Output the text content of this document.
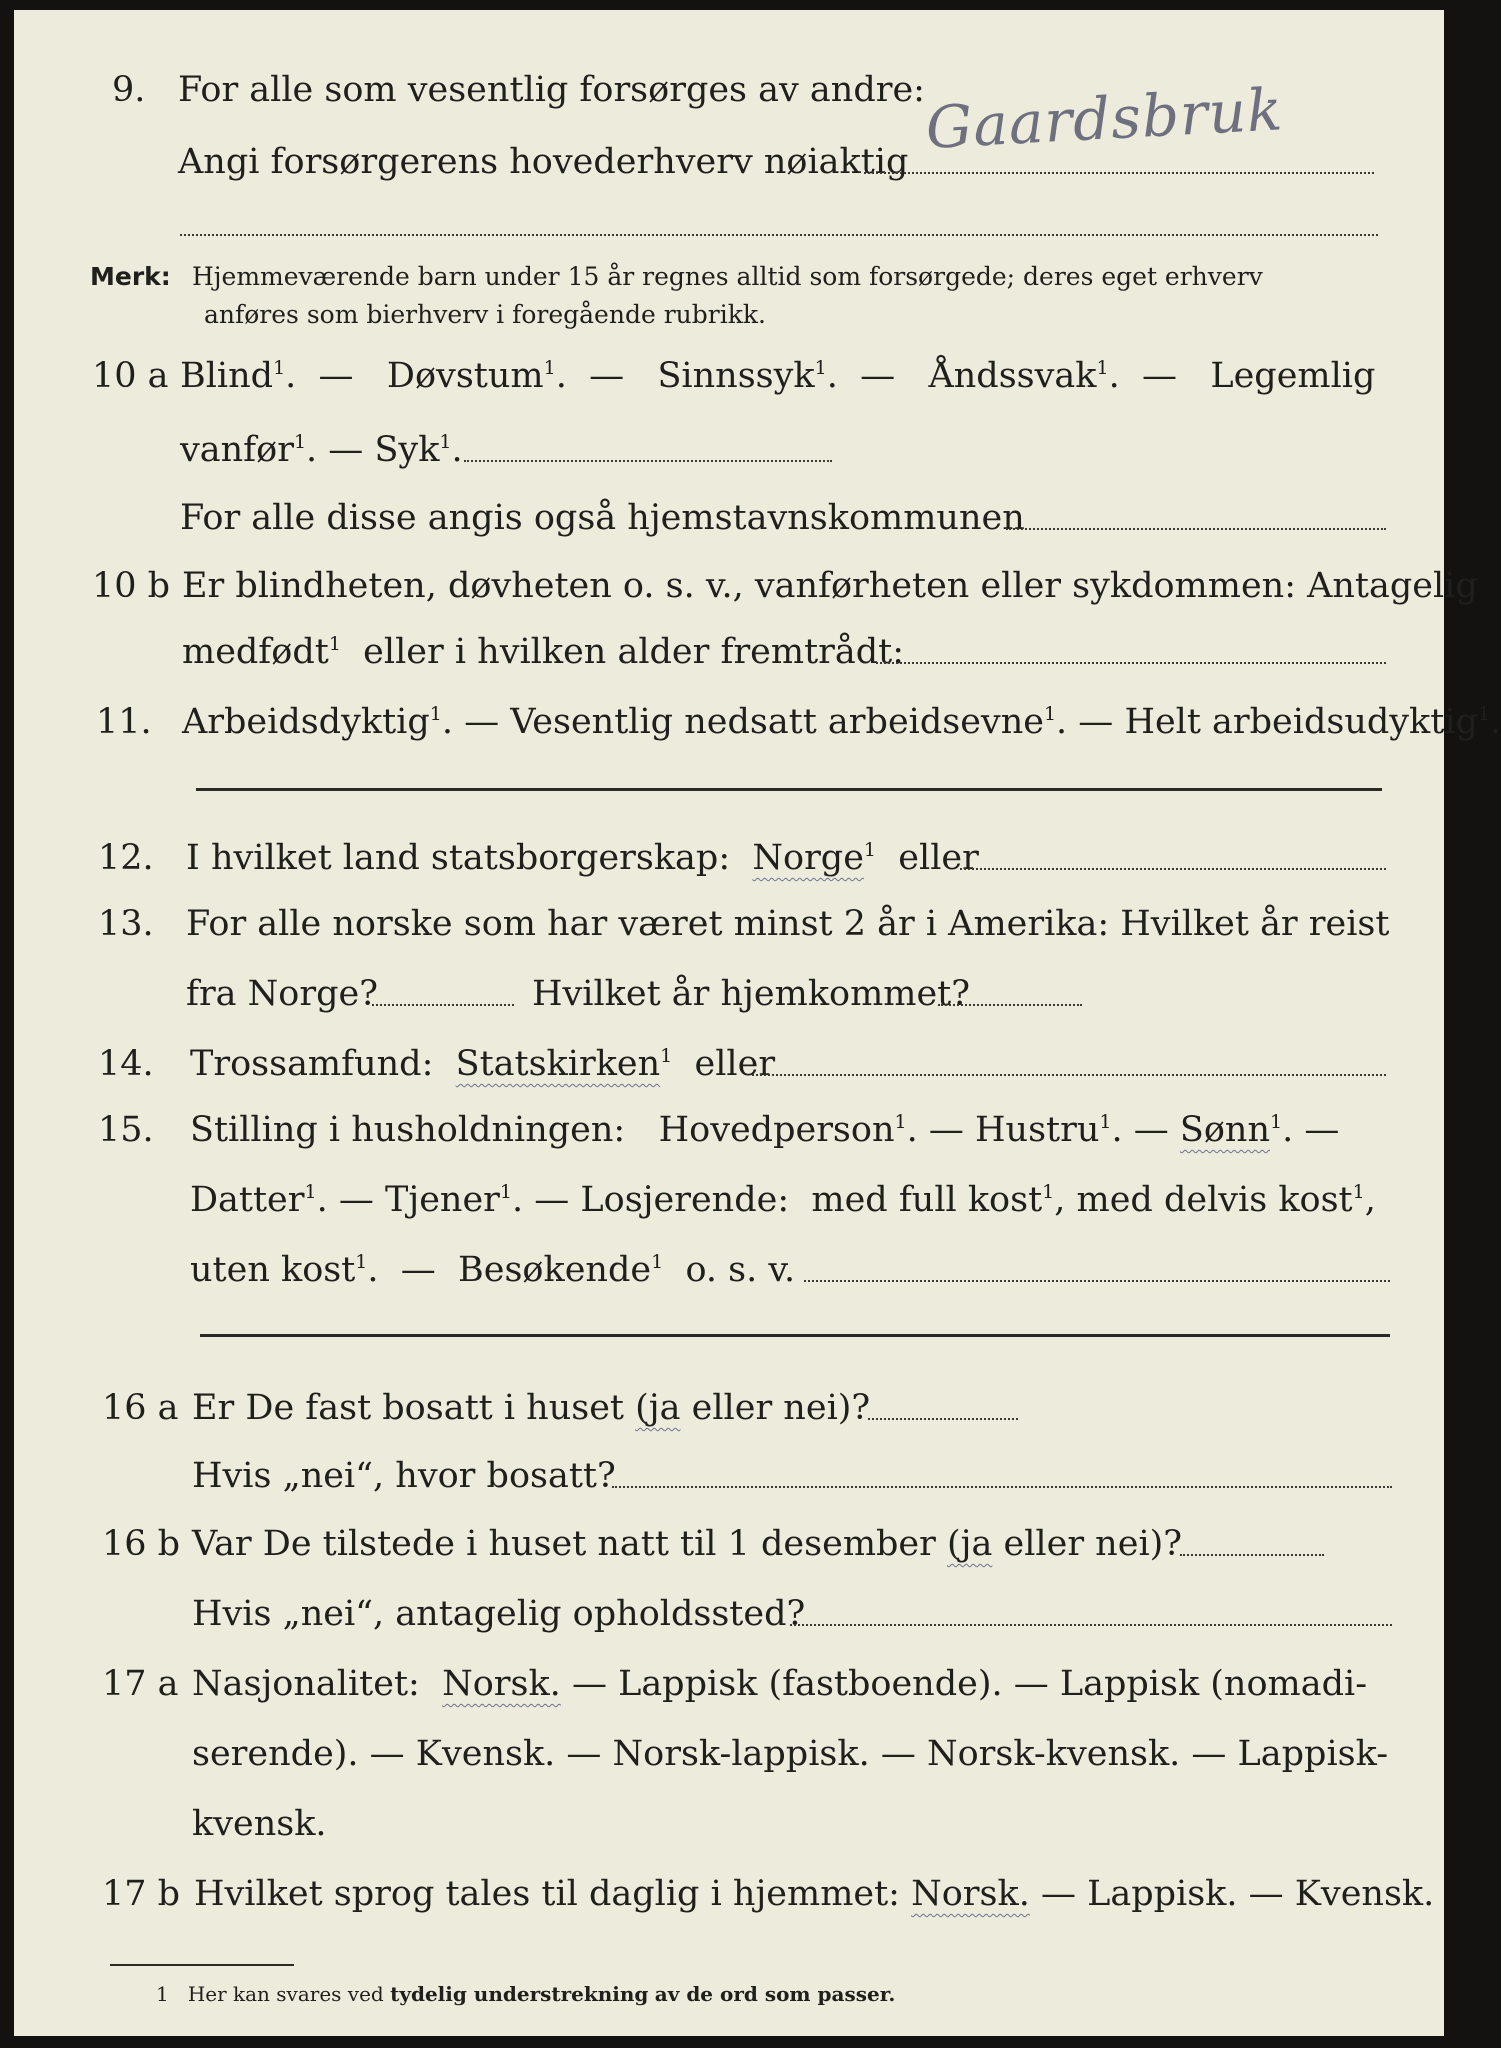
9. For alle som vesentlig forsørges av andre:
Angi forsørgerens hovederhverv nøiaktig
Gaardsbruk
Merk: Hjemmeværende barn under 15 år regnes alltid som forsørgede; deres eget erhverv
anføres som bierhverv i foregående rubrikk.
10 a Blind$^1$.  —   Døvstum$^1$.  —   Sinnssyk$^1$.  —   Åndssvak$^1$.  —   Legemlig
vanfør$^1$. — Syk$^1$.
For alle disse angis også hjemstavnskommunen
10 b Er blindheten, døvheten o. s. v., vanførheten eller sykdommen: Antagelig
medfødt$^1$ eller i hvilken alder fremtrådt:
11. Arbeidsdyktig$^1$. — Vesentlig nedsatt arbeidsevne$^1$. — Helt arbeidsudyktig$^1$.
12. I hvilket land statsborgerskap: Norge$^1$ eller
13. For alle norske som har været minst 2 år i Amerika: Hvilket år reist
fra Norge?	Hvilket år hjemkommet?
14. Trossamfund: Statskirken$^1$ eller
15. Stilling i husholdningen: Hovedperson$^1$. — Hustru$^1$. — Sønn$^1$. —
Datter$^1$. — Tjener$^1$. — Losjerende: med full kost$^1$, med delvis kost$^1$,
uten kost$^1$.  —  Besøkende$^1$ o. s. v.
16 a Er De fast bosatt i huset (ja eller nei)?
Hvis „nei“, hvor bosatt?
16 b Var De tilstede i huset natt til 1 desember (ja eller nei)?
Hvis „nei“, antagelig opholdssted?
17 a Nasjonalitet: Norsk. — Lappisk (fastboende). — Lappisk (nomadi-
serende). — Kvensk. — Norsk-lappisk. — Norsk-kvensk. — Lappisk-
kvensk.
17 b Hvilket sprog tales til daglig i hjemmet: Norsk. — Lappisk. — Kvensk.
1 Her kan svares ved tydelig understrekning av de ord som passer.
